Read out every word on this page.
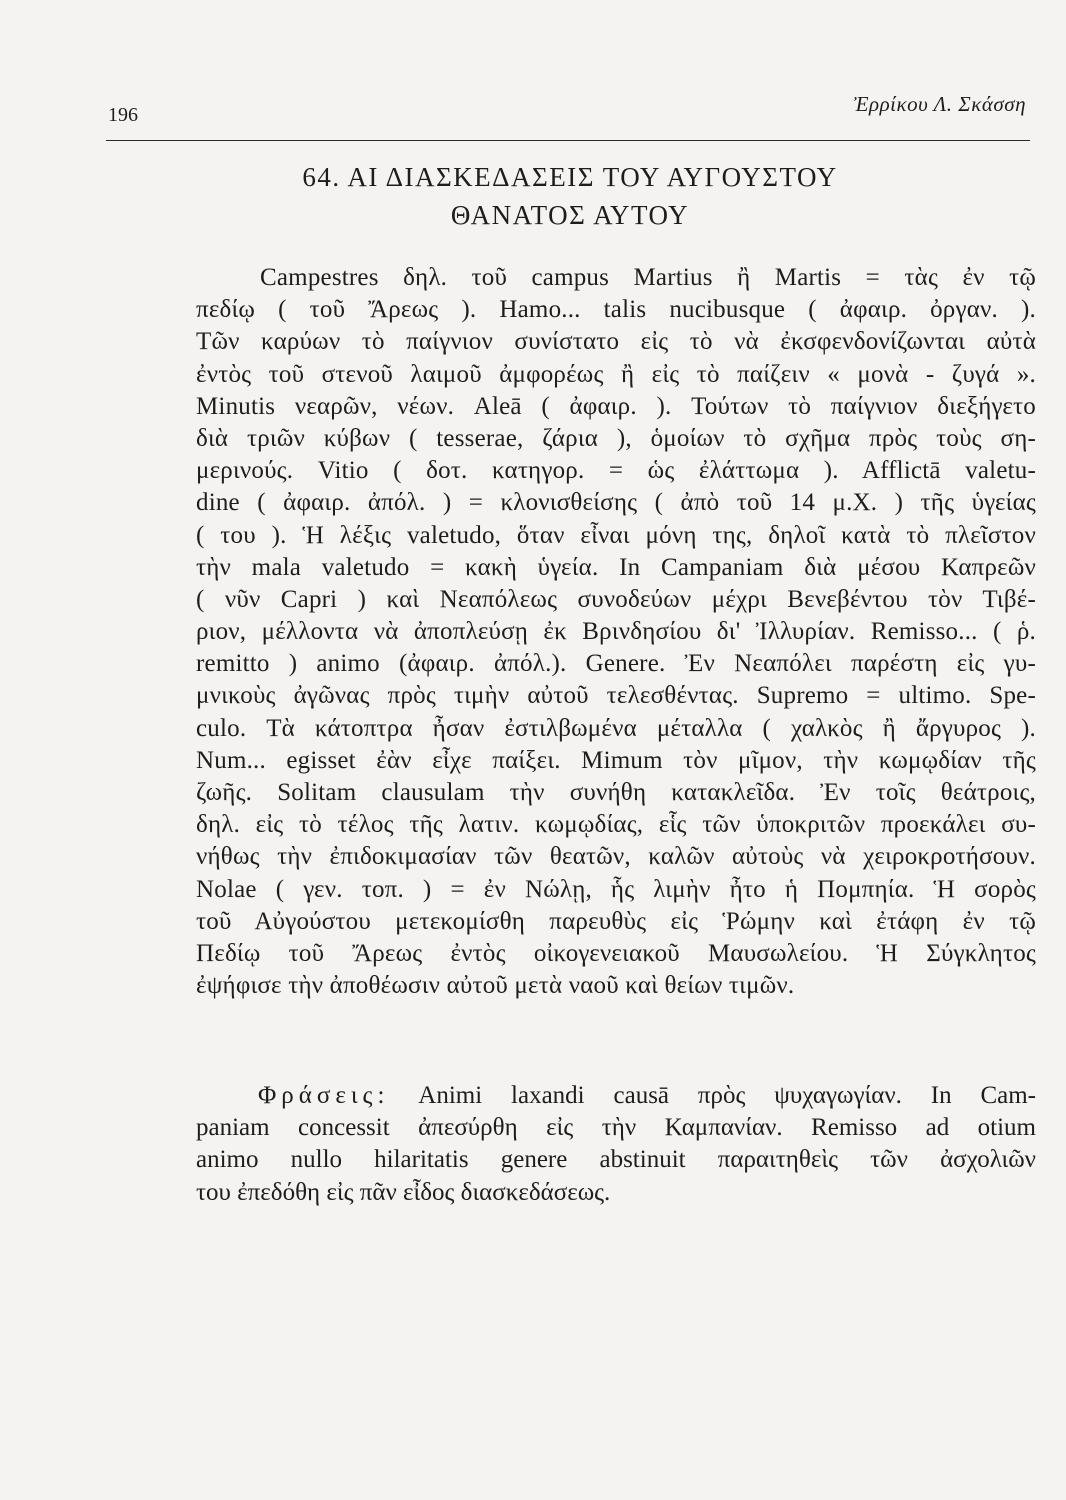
196	Ἐρρίκου Λ. Σκάσση
64. ΑΙ ΔΙΑΣΚΕΔΑΣΕΙΣ ΤΟΥ ΑΥΓΟΥΣΤΟΥ
ΘΑΝΑΤΟΣ ΑΥΤΟΥ
Campestres δηλ. τοῦ campus Martius ἢ Martis = τὰς ἐν τῷ
πεδίῳ ( τοῦ Ἄρεως ). Hamo... talis nucibusque ( ἀφαιρ. ὀργαν. ).
Τῶν καρύων τὸ παίγνιον συνίστατο εἰς τὸ νὰ ἐκσφενδονίζωνται αὐτὰ
ἐντὸς τοῦ στενοῦ λαιμοῦ ἀμφορέως ἢ εἰς τὸ παίζειν « μονὰ - ζυγά ».
Minutis νεαρῶν, νέων. Aleā ( ἀφαιρ. ). Τούτων τὸ παίγνιον διεξήγετο
διὰ τριῶν κύβων ( tesserae, ζάρια ), ὁμοίων τὸ σχῆμα πρὸς τοὺς ση-
μερινούς. Vitio ( δοτ. κατηγορ. = ὡς ἐλάττωμα ). Afflictā valetu-
dine ( ἀφαιρ. ἀπόλ. ) = κλονισθείσης ( ἀπὸ τοῦ 14 μ.Χ. ) τῆς ὑγείας
( του ). Ἡ λέξις valetudo, ὅταν εἶναι μόνη της, δηλοῖ κατὰ τὸ πλεῖστον
τὴν mala valetudo = κακὴ ὑγεία. In Campaniam διὰ μέσου Καπρεῶν
( νῦν Capri ) καὶ Νεαπόλεως συνοδεύων μέχρι Βενεβέντου τὸν Τιβέ-
ριον, μέλλοντα νὰ ἀποπλεύσῃ ἐκ Βρινδησίου δι' Ἰλλυρίαν. Remisso... ( ῥ.
remitto ) animo (ἀφαιρ. ἀπόλ.). Genere. Ἐν Νεαπόλει παρέστη εἰς γυ-
μνικοὺς ἀγῶνας πρὸς τιμὴν αὐτοῦ τελεσθέντας. Supremo = ultimo. Spe-
culo. Τὰ κάτοπτρα ἦσαν ἐστιλβωμένα μέταλλα ( χαλκὸς ἢ ἄργυρος ).
Num... egisset ἐὰν εἶχε παίξει. Mimum τὸν μῖμον, τὴν κωμῳδίαν τῆς
ζωῆς. Solitam clausulam τὴν συνήθη κατακλεῖδα. Ἐν τοῖς θεάτροις,
δηλ. εἰς τὸ τέλος τῆς λατιν. κωμῳδίας, εἷς τῶν ὑποκριτῶν προεκάλει συ-
νήθως τὴν ἐπιδοκιμασίαν τῶν θεατῶν, καλῶν αὐτοὺς νὰ χειροκροτήσουν.
Nolae ( γεν. τοπ. ) = ἐν Νώλῃ, ἧς λιμὴν ἦτο ἡ Πομπηία. Ἡ σορὸς
τοῦ Αὐγούστου μετεκομίσθη παρευθὺς εἰς Ῥώμην καὶ ἐτάφη ἐν τῷ
Πεδίῳ τοῦ Ἄρεως ἐντὸς οἰκογενειακοῦ Μαυσωλείου. Ἡ Σύγκλητος
ἐψήφισε τὴν ἀποθέωσιν αὐτοῦ μετὰ ναοῦ καὶ θείων τιμῶν.
Φράσεις: Animi laxandi causā πρὸς ψυχαγωγίαν. In Cam-
paniam concessit ἀπεσύρθη εἰς τὴν Καμπανίαν. Remisso ad otium
animo nullo hilaritatis genere abstinuit παραιτηθεὶς τῶν ἀσχολιῶν
του ἐπεδόθη εἰς πᾶν εἶδος διασκεδάσεως.
